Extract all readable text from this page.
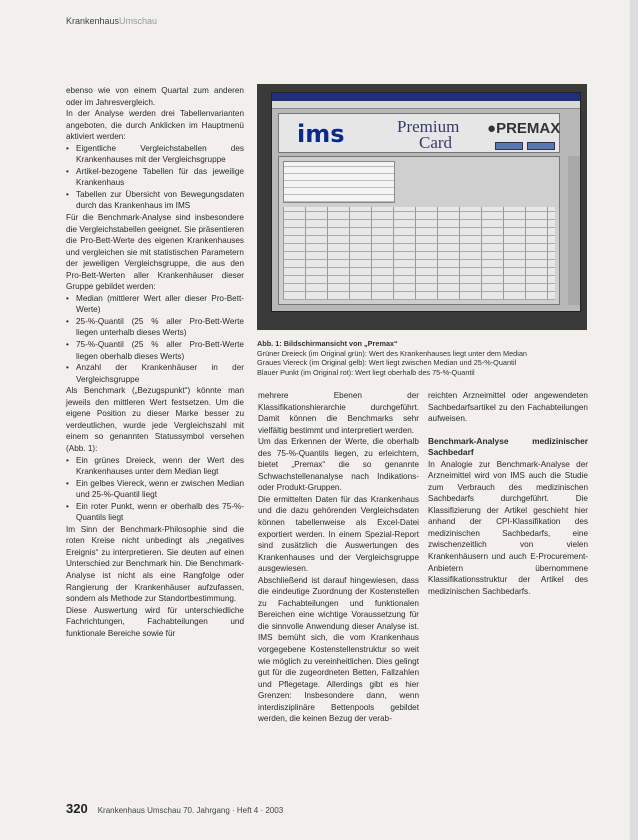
KrankenhausUmschau

ebenso wie von einem Quartal zum anderen oder im Jahresvergleich.

In der Analyse werden drei Tabellenvarianten angeboten, die durch Anklicken im Hauptmenü aktiviert werden:

• Eigentliche Vergleichstabellen des Krankenhauses mit der Vergleichsgruppe
• Artikel-bezogene Tabellen für das jeweilige Krankenhaus
• Tabellen zur Übersicht von Bewegungsdaten durch das Krankenhaus im IMS

Für die Benchmark-Analyse sind insbesondere die Vergleichstabellen geeignet. Sie präsentieren die Pro-Bett-Werte des eigenen Krankenhauses und vergleichen sie mit statistischen Parametern der jeweiligen Vergleichsgruppe, die aus den Pro-Bett-Werten aller Krankenhäuser dieser Gruppe gebildet werden:

• Median (mittlerer Wert aller dieser Pro-Bett-Werte)
• 25-%-Quantil (25 % aller Pro-Bett-Werte liegen unterhalb dieses Werts)
• 75-%-Quantil (25 % aller Pro-Bett-Werte liegen oberhalb dieses Werts)
• Anzahl der Krankenhäuser in der Vergleichsgruppe

Als Benchmark („Bezugspunkt“) könnte man jeweils den mittleren Wert festsetzen. Um die eigene Position zu dieser Marke besser zu verdeutlichen, wurde jede Vergleichszahl mit einem so genannten Statussymbol versehen (Abb. 1):

• Ein grünes Dreieck, wenn der Wert des Krankenhauses unter dem Median liegt
• Ein gelbes Viereck, wenn er zwischen Median und 25-%-Quantil liegt
• Ein roter Punkt, wenn er oberhalb des 75-%-Quantils liegt

Im Sinn der Benchmark-Philosophie sind die roten Kreise nicht unbedingt als „negatives Ereignis“ zu interpretieren. Sie deuten auf einen Unterschied zur Benchmark hin. Die Benchmark-Analyse ist nicht als eine Rangfolge oder Rangierung der Krankenhäuser aufzufassen, sondern als Methode zur Standortbestimmung.

Diese Auswertung wird für unterschiedliche Fachrichtungen, Fachabteilungen und funktionale Bereiche sowie für

ims	Premium
Card
●PREMAX
Abb. 1: Bildschirmansicht von „Premax“
Grüner Dreieck (im Original grün): Wert des Krankenhauses liegt unter dem Median
Graues Viereck (im Original gelb): Wert liegt zwischen Median und 25-%-Quantil
Blauer Punkt (im Original rot): Wert liegt oberhalb des 75-%-Quantil

mehrere Ebenen der Klassifikationshierarchie durchgeführt. Damit können die Benchmarks sehr vielfältig bestimmt und interpretiert werden.

Um das Erkennen der Werte, die oberhalb des 75-%-Quantils liegen, zu erleichtern, bietet „Premax“ die so genannte Schwachstellenanalyse nach Indikations- oder Produkt-Gruppen.

Die ermittelten Daten für das Krankenhaus und die dazu gehörenden Vergleichsdaten können tabellenweise als Excel-Datei exportiert werden. In einem Spezial-Report sind zusätzlich die Auswertungen des Krankenhauses und der Vergleichsgruppe ausgewiesen.

Abschließend ist darauf hingewiesen, dass die eindeutige Zuordnung der Kostenstellen zu Fachabteilungen und funktionalen Bereichen eine wichtige Voraussetzung für die sinnvolle Anwendung dieser Analyse ist. IMS bemüht sich, die vom Krankenhaus vorgegebene Kostenstellenstruktur so weit wie möglich zu vereinheitlichen. Dies gelingt gut für die zugeordneten Betten, Fallzahlen und Pflegetage. Allerdings gibt es hier Grenzen: Insbesondere dann, wenn interdisziplinäre Bettenpools gebildet werden, die keinen Bezug der verab-

reichten Arzneimittel oder angewendeten Sachbedarfsartikel zu den Fachabteilungen aufweisen.

Benchmark-Analyse medizinischer Sachbedarf

In Analogie zur Benchmark-Analyse der Arzneimittel wird von IMS auch die Studie zum Verbrauch des medizinischen Sachbedarfs durchgeführt. Die Klassifizierung der Artikel geschieht hier anhand der CPI-Klassifikation des medizinischen Sachbedarfs, eine zwischenzeitlich von vielen Krankenhäusern und auch E-Procurement-Anbietern übernommene Klassifikationsstruktur der Artikel des medizinischen Sachbedarfs.

320 Krankenhaus Umschau 70. Jahrgang · Heft 4 · 2003
